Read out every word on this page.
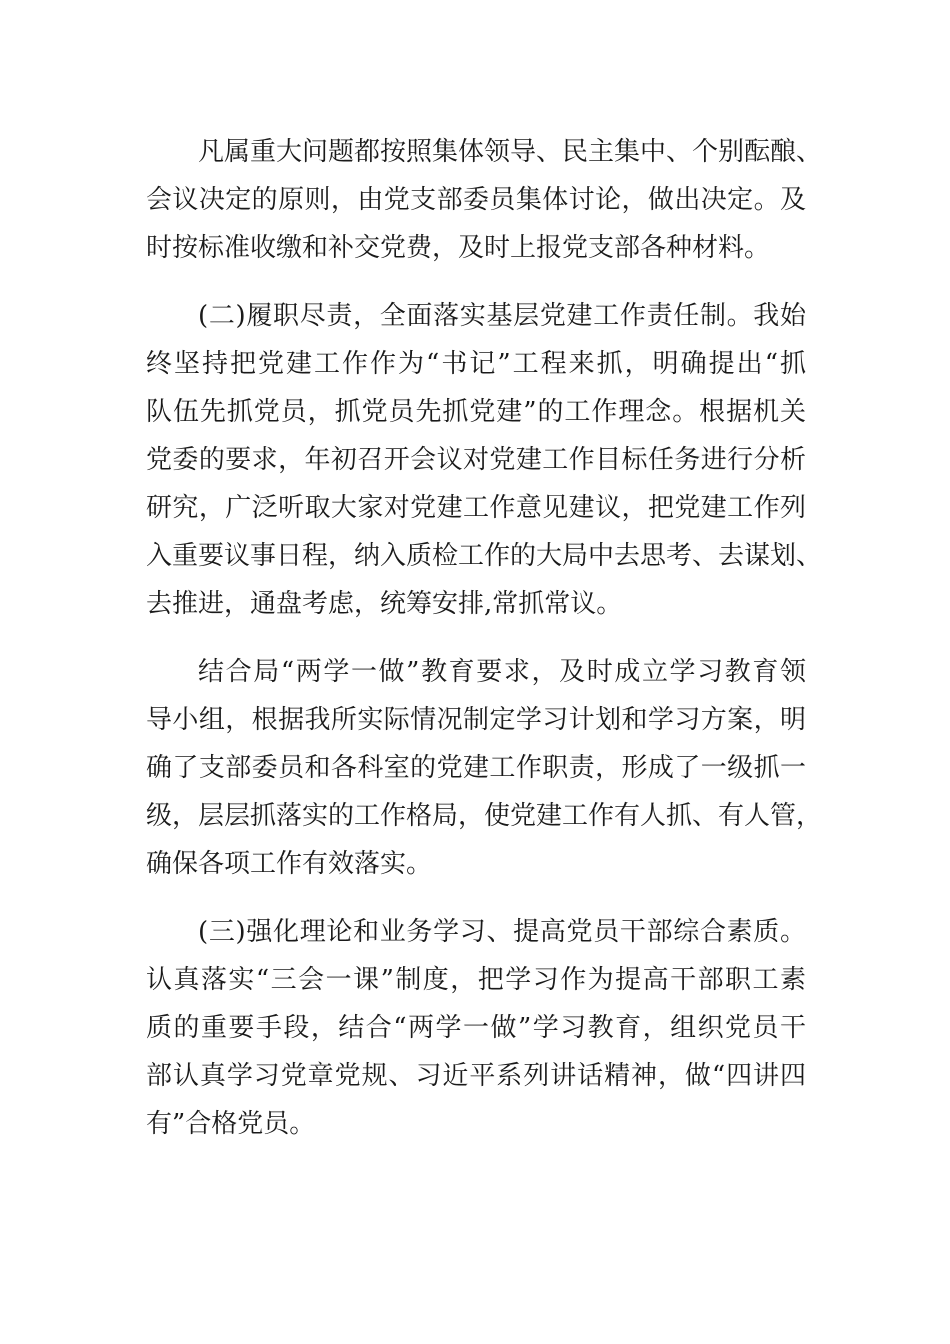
凡属重大问题都按照集体领导、民主集中、个别酝酿、
会议决定的原则，由党支部委员集体讨论，做出决定。及
时按标准收缴和补交党费，及时上报党支部各种材料。
(二)履职尽责，全面落实基层党建工作责任制。我始
终坚持把党建工作作为“书记”工程来抓，明确提出“抓
队伍先抓党员，抓党员先抓党建”的工作理念。根据机关
党委的要求，年初召开会议对党建工作目标任务进行分析
研究，广泛听取大家对党建工作意见建议，把党建工作列
入重要议事日程，纳入质检工作的大局中去思考、去谋划、
去推进，通盘考虑，统筹安排,常抓常议。
结合局“两学一做”教育要求，及时成立学习教育领
导小组，根据我所实际情况制定学习计划和学习方案，明
确了支部委员和各科室的党建工作职责，形成了一级抓一
级，层层抓落实的工作格局，使党建工作有人抓、有人管，
确保各项工作有效落实。
(三)强化理论和业务学习、提高党员干部综合素质。
认真落实“三会一课”制度，把学习作为提高干部职工素
质的重要手段，结合“两学一做”学习教育，组织党员干
部认真学习党章党规、习近平系列讲话精神，做“四讲四
有”合格党员。
